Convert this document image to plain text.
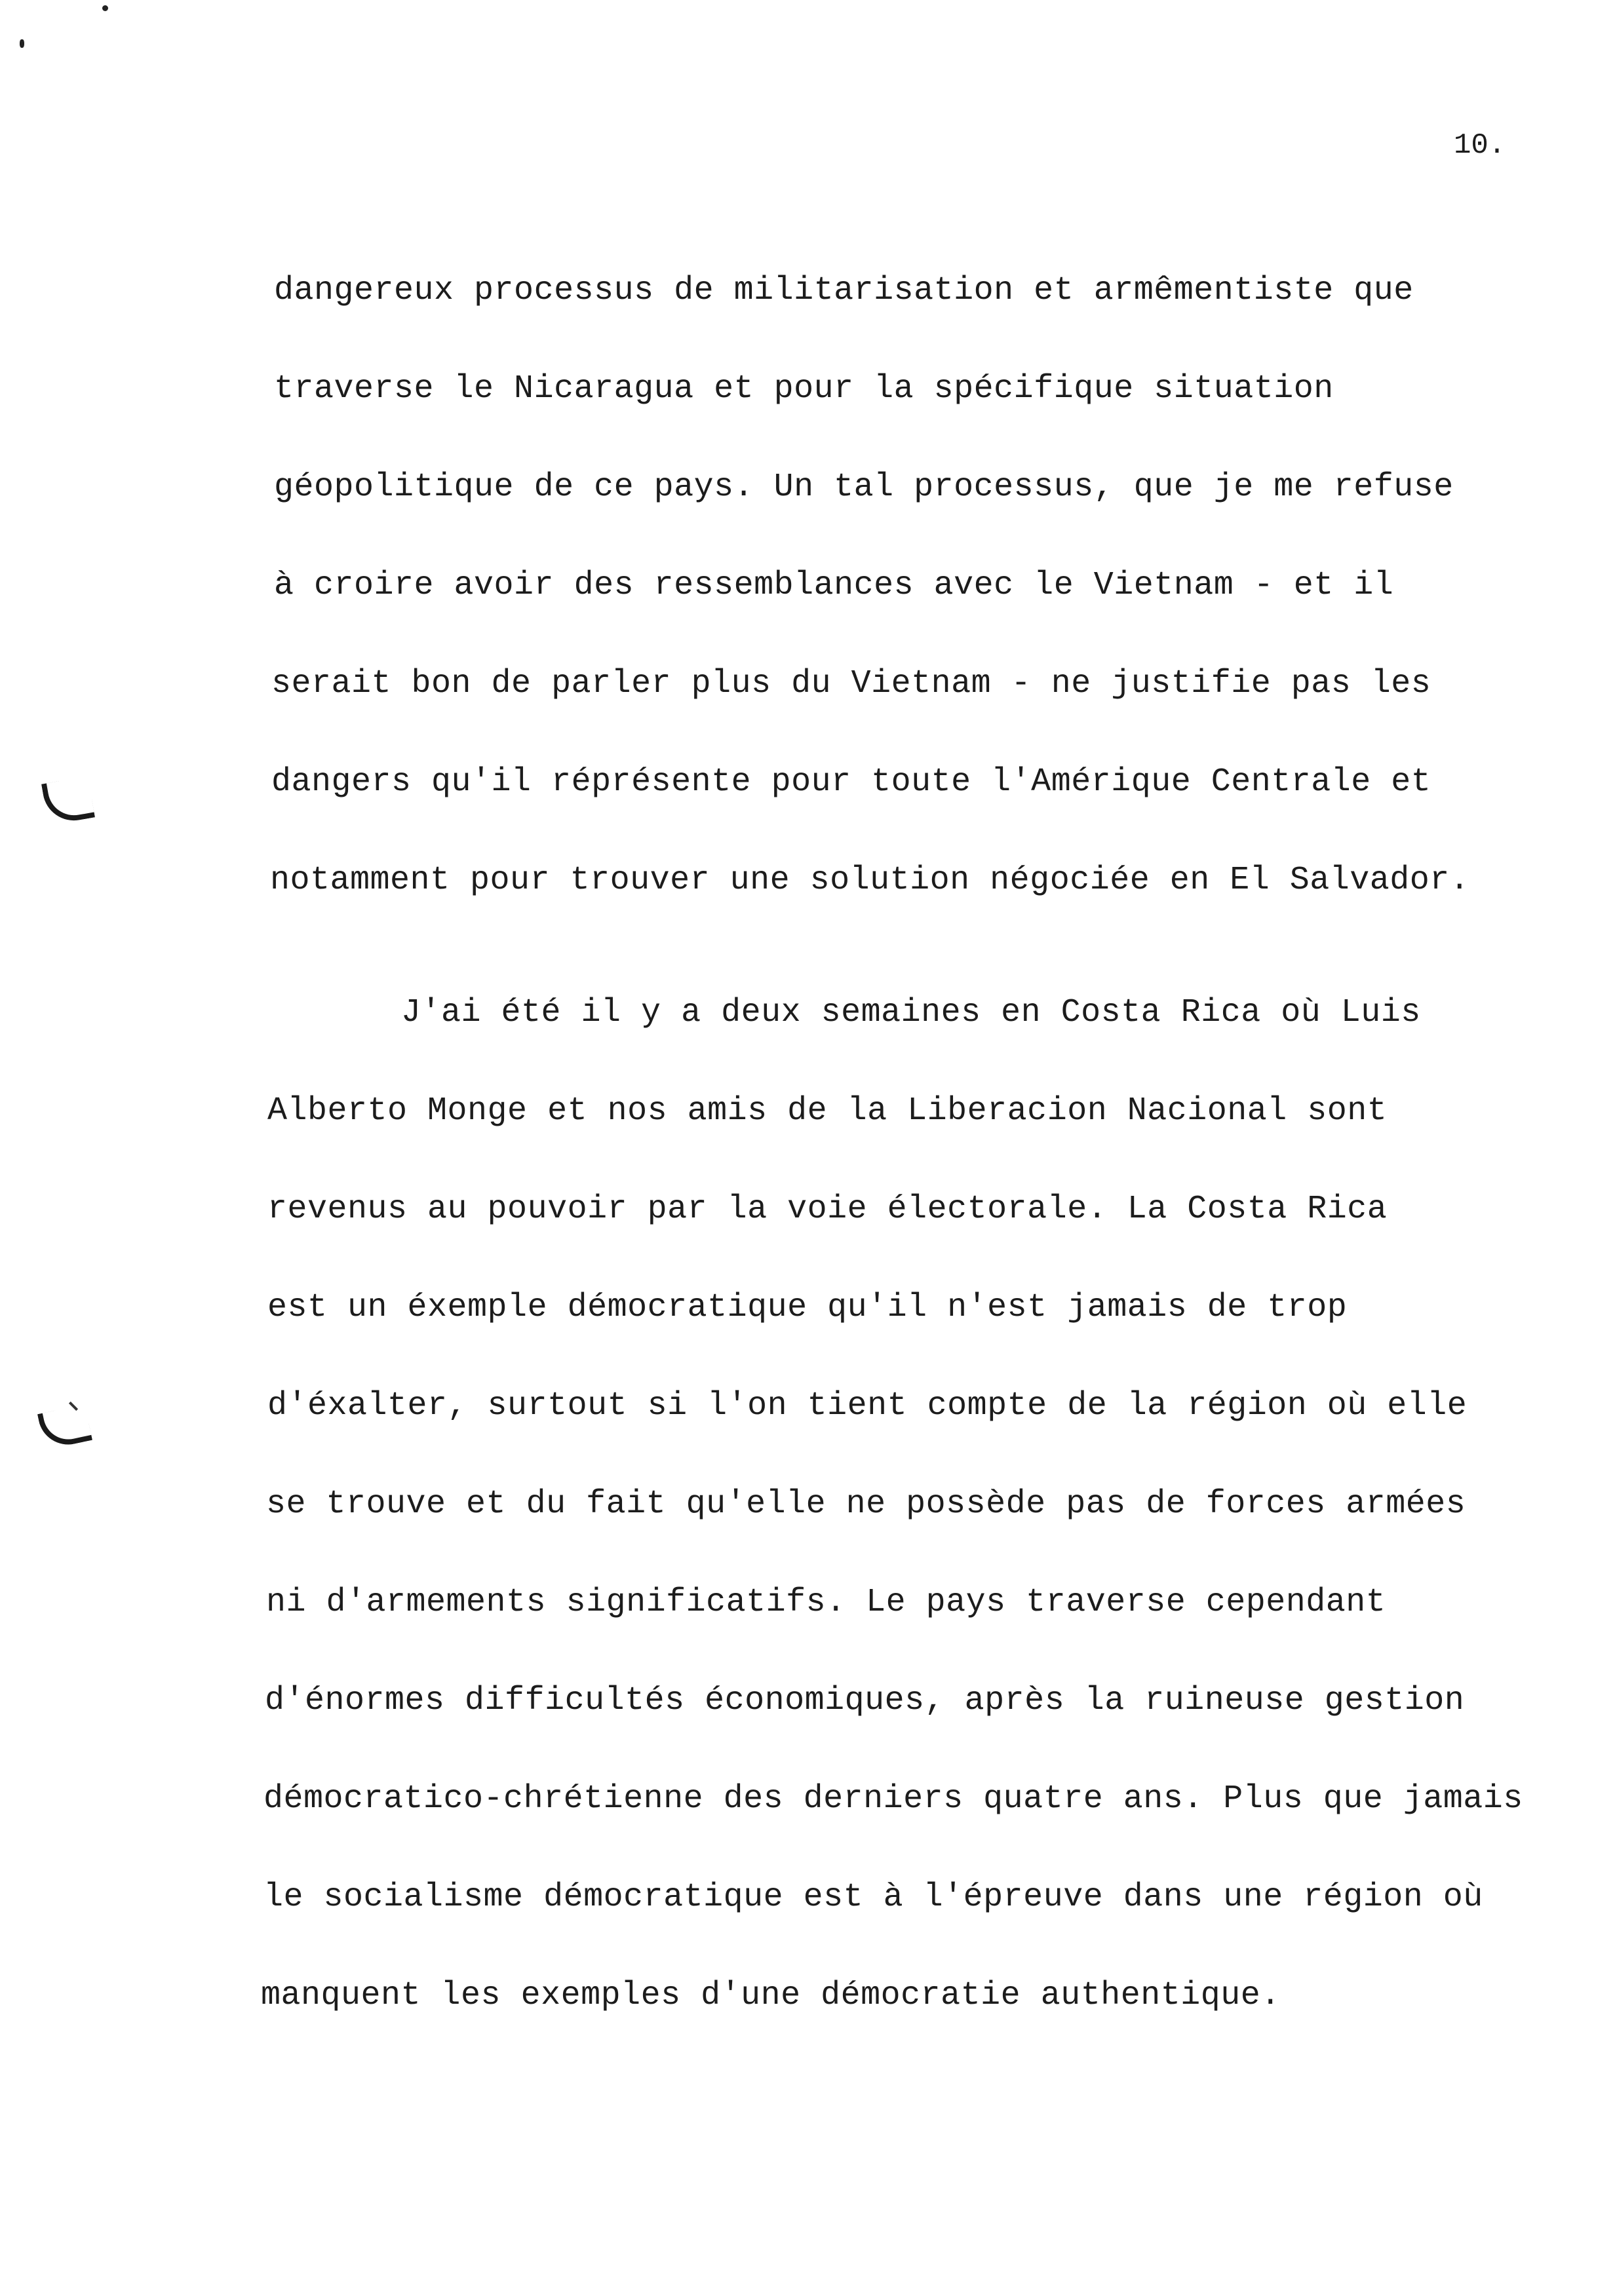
10.
dangereux processus de militarisation et armêmentiste que
traverse le Nicaragua et pour la spécifique situation
géopolitique de ce pays. Un tal processus, que je me refuse
à croire avoir des ressemblances avec le Vietnam - et il
serait bon de parler plus du Vietnam - ne justifie pas les
dangers qu'il réprésente pour toute l'Amérique Centrale et
notamment pour trouver une solution négociée en El Salvador.
J'ai été il y a deux semaines en Costa Rica où Luis
Alberto Monge et nos amis de la Liberacion Nacional sont
revenus au pouvoir par la voie électorale. La Costa Rica
est un éxemple démocratique qu'il n'est jamais de trop
d'éxalter, surtout si l'on tient compte de la région où elle
se trouve et du fait qu'elle ne possède pas de forces armées
ni d'armements significatifs. Le pays traverse cependant
d'énormes difficultés économiques, après la ruineuse gestion
démocratico-chrétienne des derniers quatre ans. Plus que jamais
le socialisme démocratique est à l'épreuve dans une région où
manquent les exemples d'une démocratie authentique.
